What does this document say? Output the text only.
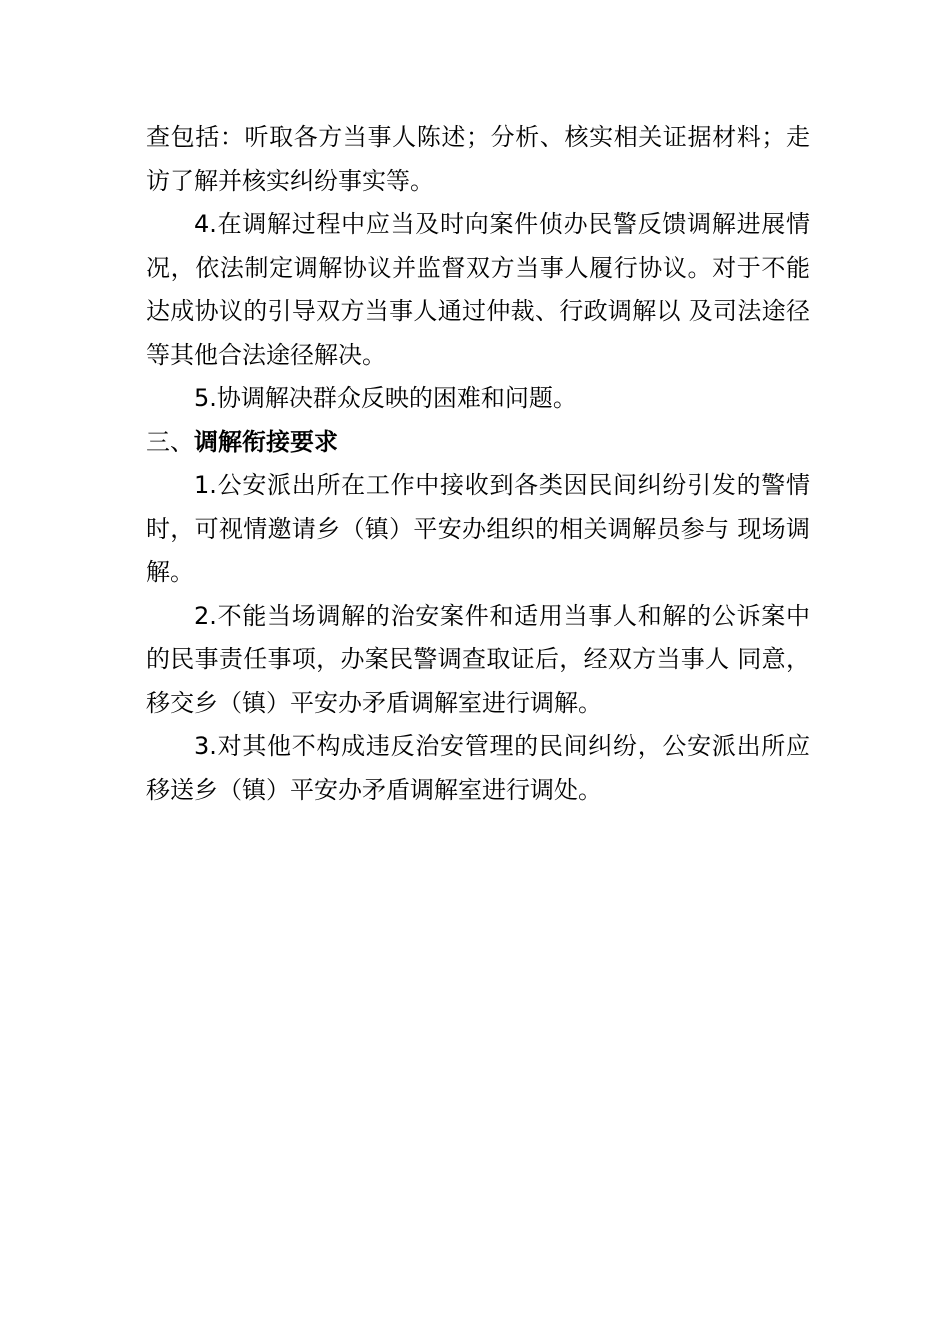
查包括：听取各方当事人陈述；分析、核实相关证据材料；走访了解并核实纠纷事实等。

4.在调解过程中应当及时向案件侦办民警反馈调解进展情况，依法制定调解协议并监督双方当事人履行协议。对于不能达成协议的引导双方当事人通过仲裁、行政调解以 及司法途径等其他合法途径解决。

5.协调解决群众反映的困难和问题。

三、调解衔接要求

1.公安派出所在工作中接收到各类因民间纠纷引发的警情时，可视情邀请乡（镇）平安办组织的相关调解员参与 现场调解。

2.不能当场调解的治安案件和适用当事人和解的公诉案中的民事责任事项，办案民警调查取证后，经双方当事人 同意，移交乡（镇）平安办矛盾调解室进行调解。

3.对其他不构成违反治安管理的民间纠纷，公安派出所应移送乡（镇）平安办矛盾调解室进行调处。
